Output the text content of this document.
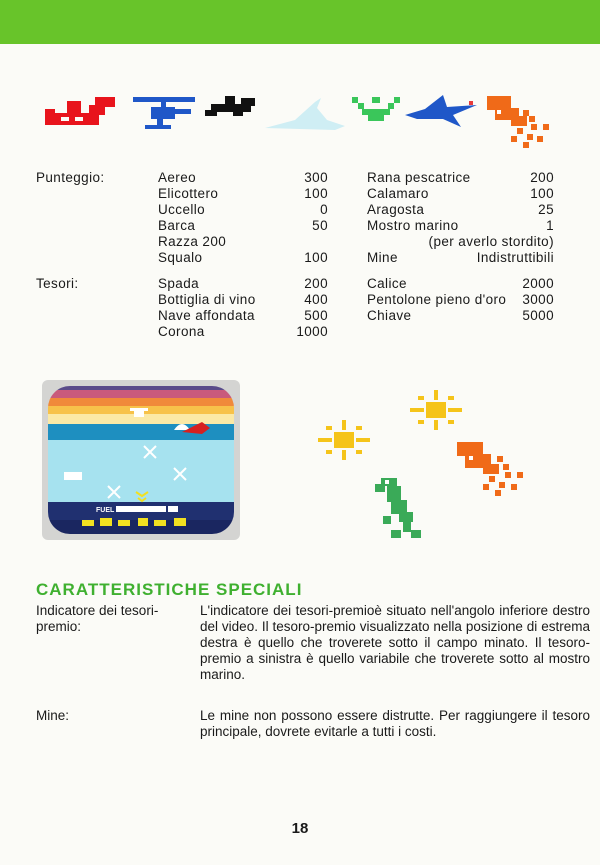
Punteggio:	Aereo	300
Elicottero	100
Uccello	0
Barca	50
Razza 200
Squalo	100
Rana pescatrice	200
Calamaro	100
Aragosta	25
Mostro marino	1
(per averlo stordito)
Mine	Indistruttibili
Tesori:	Spada	200
Bottiglia di vino	400
Nave affondata	500
Corona	1000
Calice	2000
Pentolone pieno d'oro 3000
Chiave	5000
FUEL
CARATTERISTICHE SPECIALI
Indicatore dei tesori-premio:
L'indicatore dei tesori-premioè situato nell'angolo inferiore destro del video. Il tesoro-premio visualizzato nella posizione di estrema destra è quello che troverete sotto il campo minato. Il tesoro-premio a sinistra è quello variabile che troverete sotto al mostro marino.
Mine:	Le mine non possono essere distrutte. Per raggiungere il tesoro principale, dovrete evitarle a tutti i costi.
18
